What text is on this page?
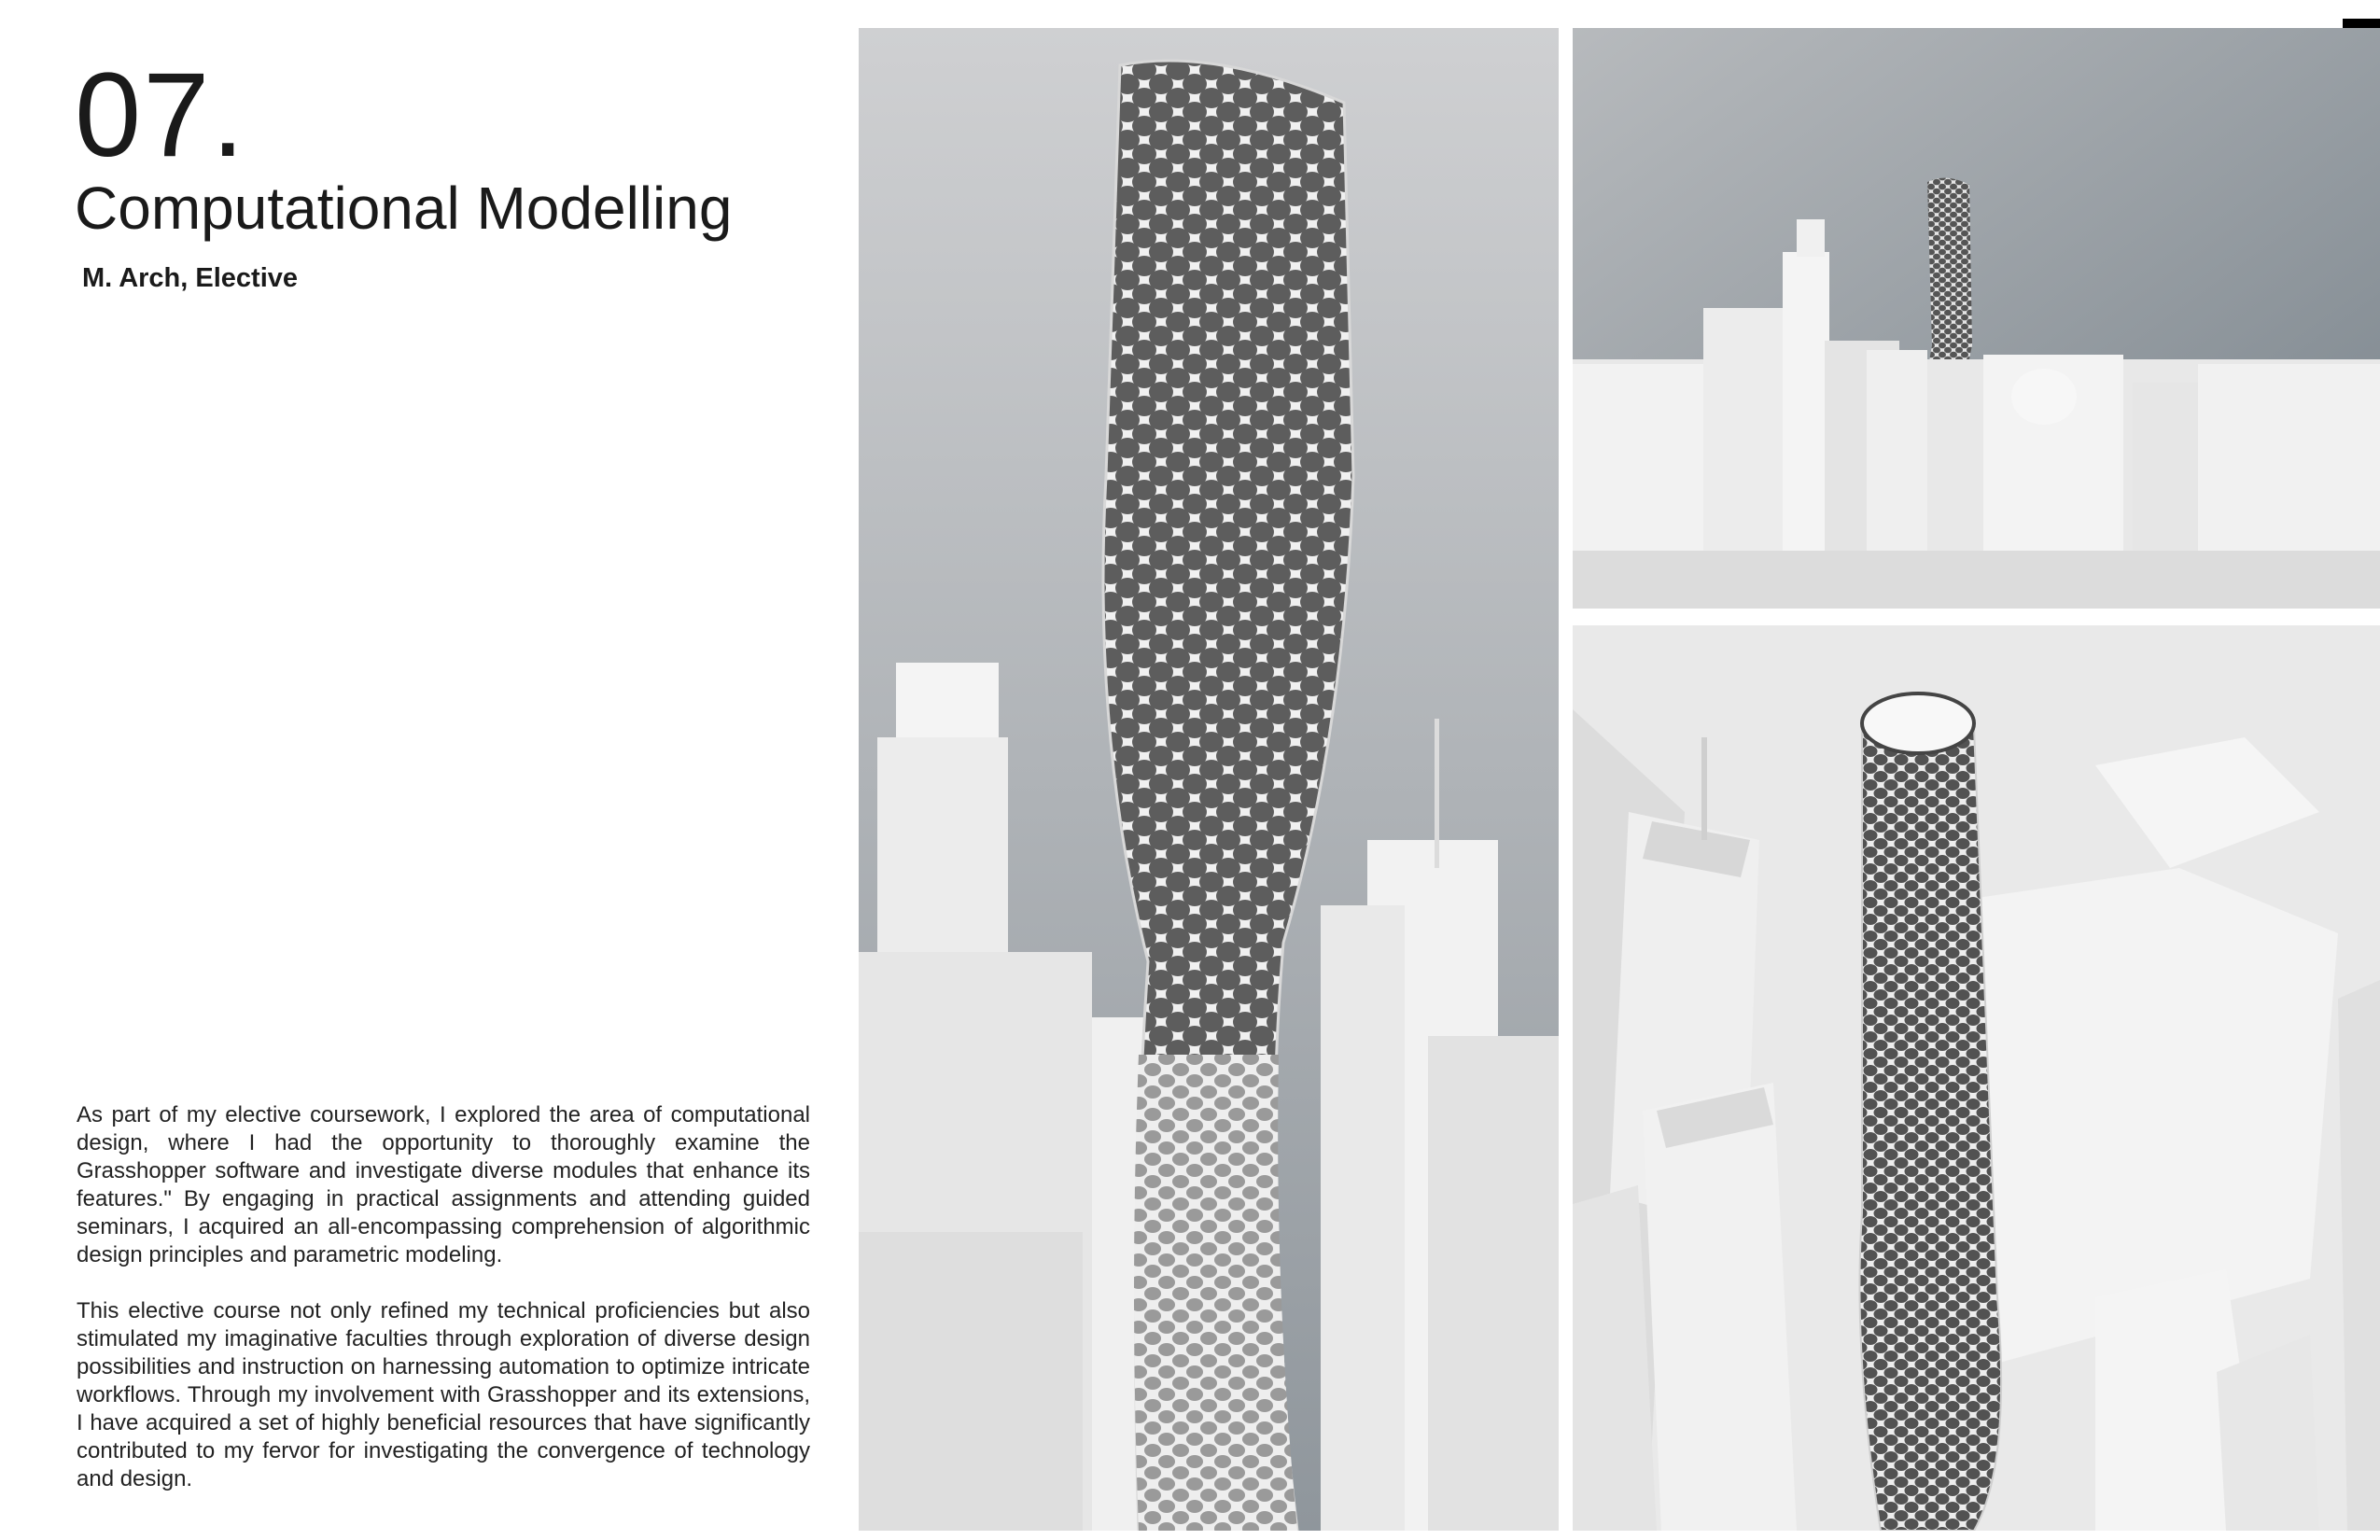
07.
Computational Modelling
M. Arch, Elective

As part of my elective coursework, I explored the area of computational design, where I had the opportunity to thoroughly examine the Grasshopper software and investigate diverse modules that enhance its features." By engaging in practical assignments and attending guided seminars, I acquired an all-encompassing comprehension of algorithmic design principles and parametric modeling.

This elective course not only refined my technical proficiencies but also stimulated my imaginative faculties through exploration of diverse design possibilities and instruction on harnessing automation to optimize intricate workflows. Through my involvement with Grasshopper and its extensions, I have acquired a set of highly beneficial resources that have significantly contributed to my fervor for investigating the convergence of technology and design.
